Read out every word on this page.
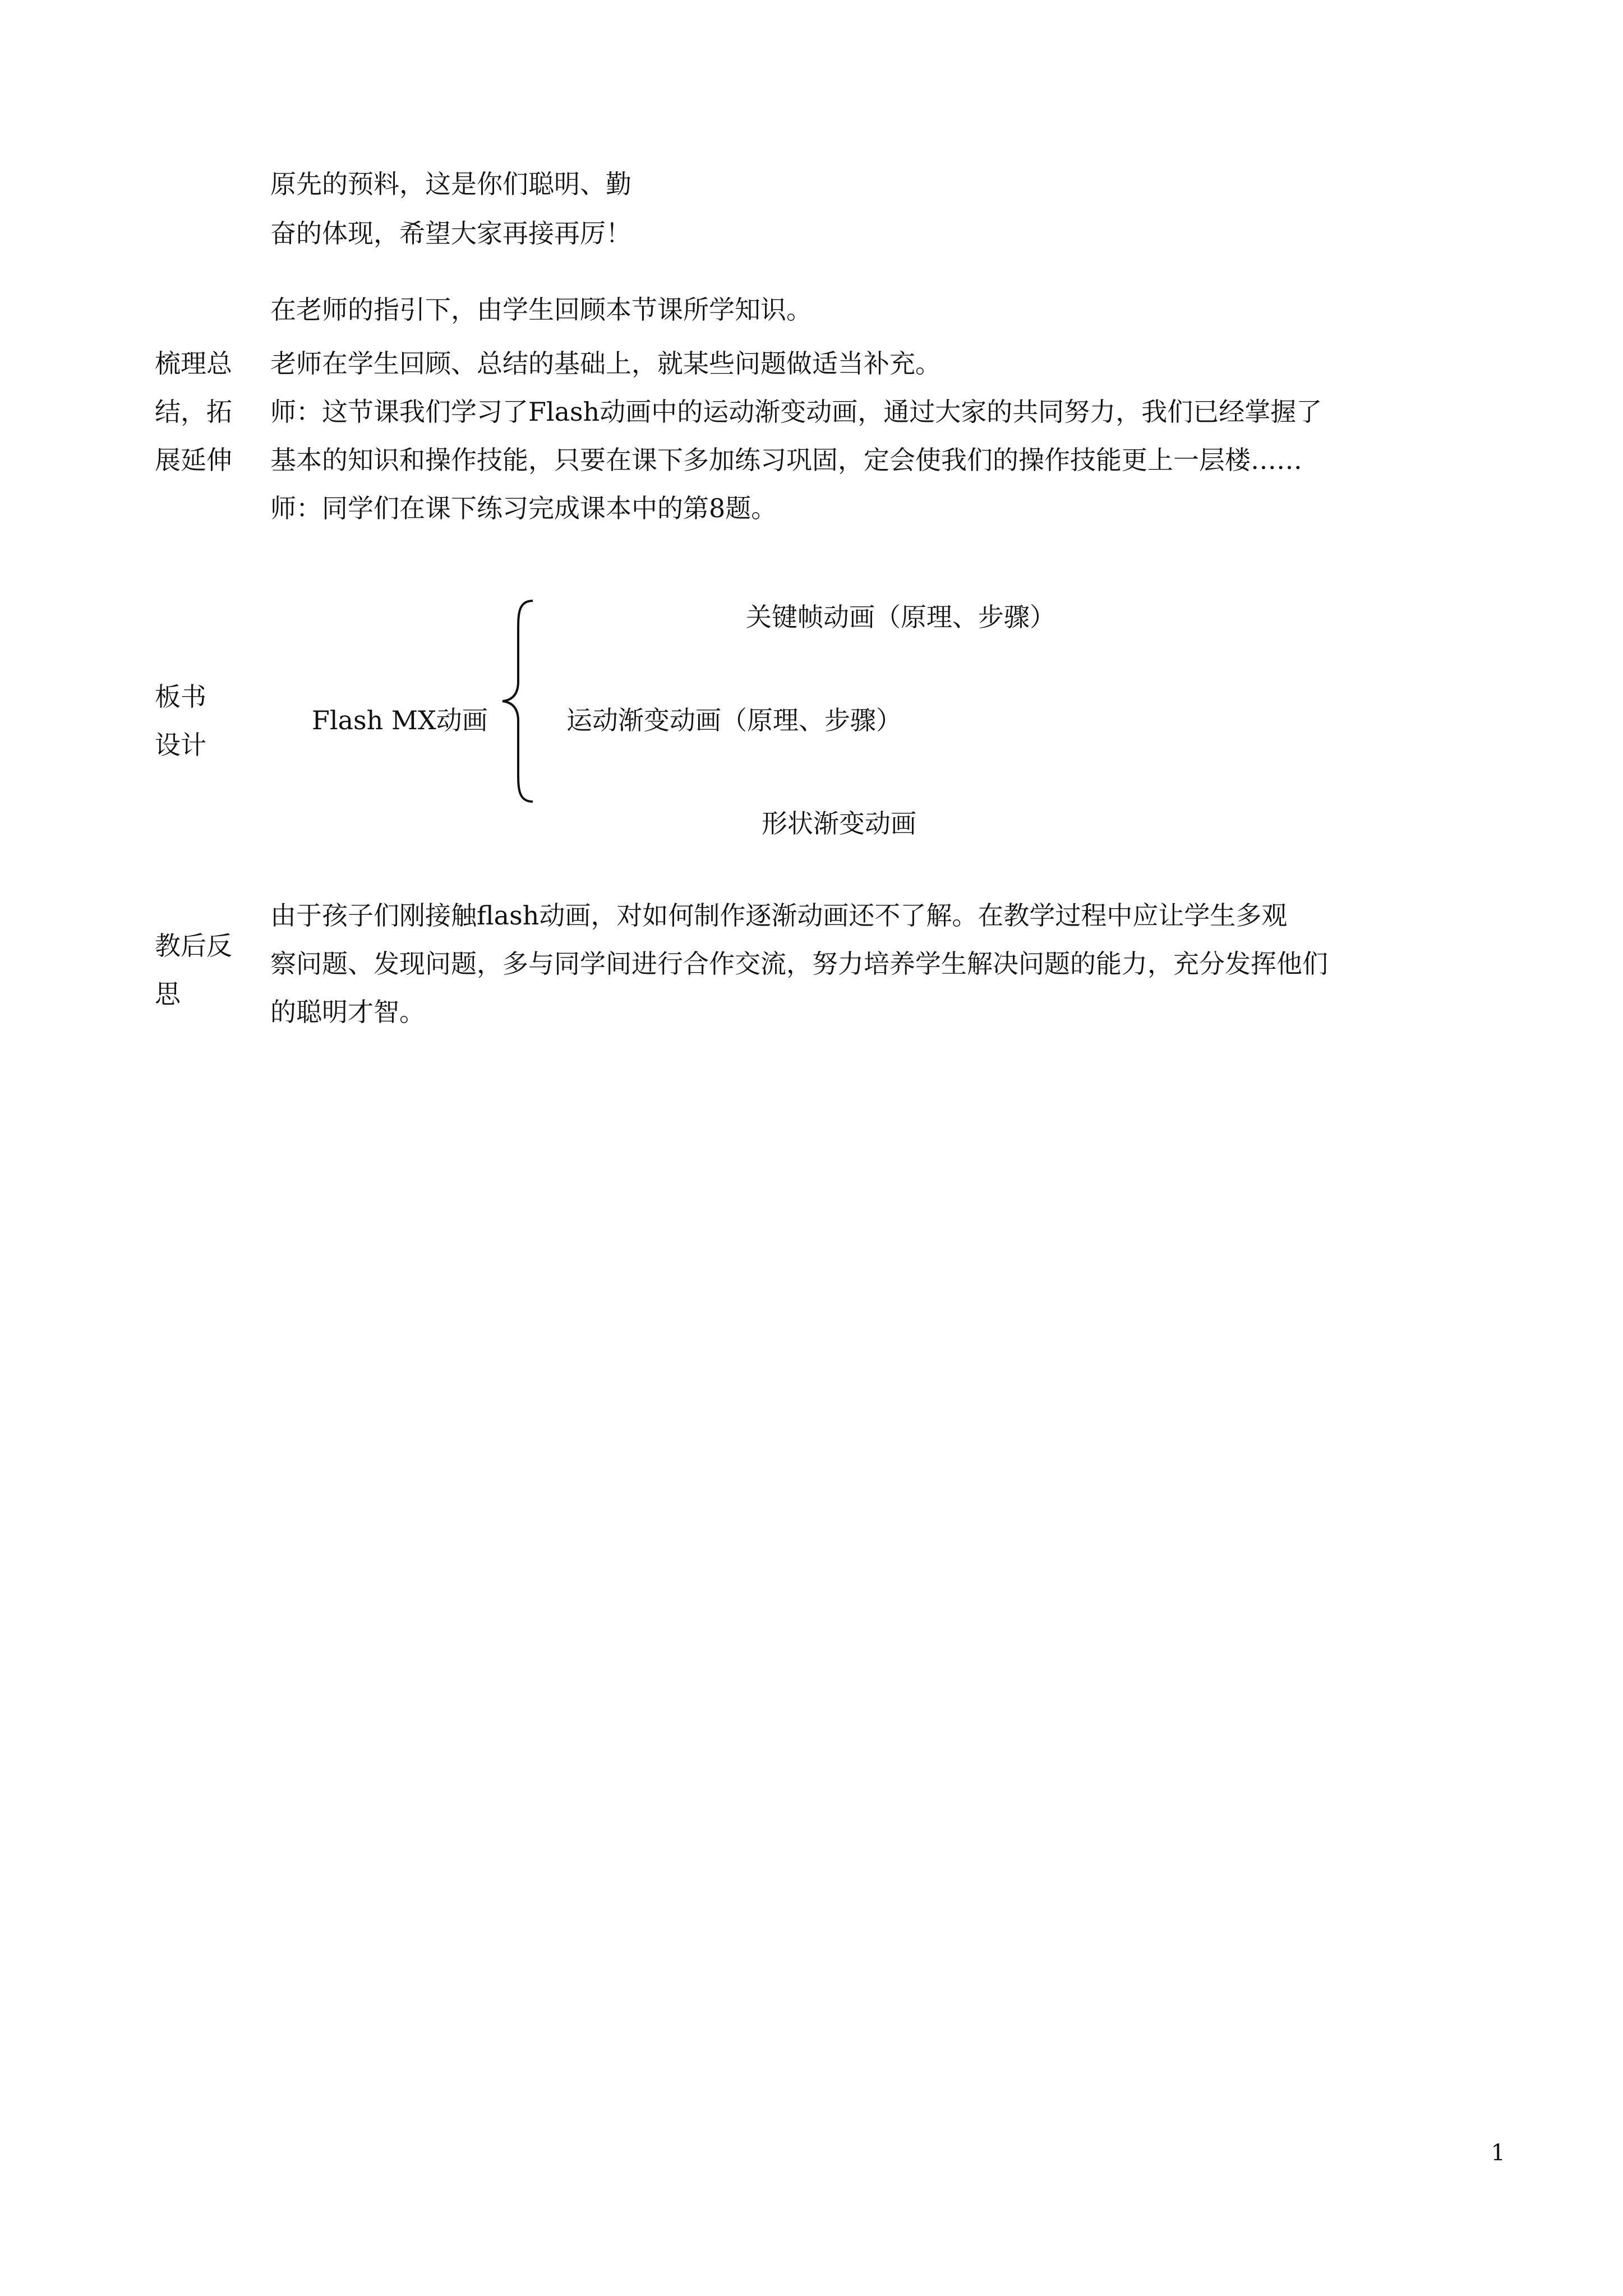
原先的预料，这是你们聪明、勤
奋的体现，希望大家再接再厉！
梳理总
结，拓
展延伸
在老师的指引下，由学生回顾本节课所学知识。
老师在学生回顾、总结的基础上，就某些问题做适当补充。
师：这节课我们学习了Flash动画中的运动渐变动画，通过大家的共同努力，我们已经掌握了
基本的知识和操作技能，只要在课下多加练习巩固，定会使我们的操作技能更上一层楼……
师：同学们在课下练习完成课本中的第8题。
板书
设计
Flash MX动画
关键帧动画（原理、步骤）
运动渐变动画（原理、步骤）
形状渐变动画
教后反
思
由于孩子们刚接触flash动画，对如何制作逐渐动画还不了解。在教学过程中应让学生多观
察问题、发现问题，多与同学间进行合作交流，努力培养学生解决问题的能力，充分发挥他们
的聪明才智。
1
